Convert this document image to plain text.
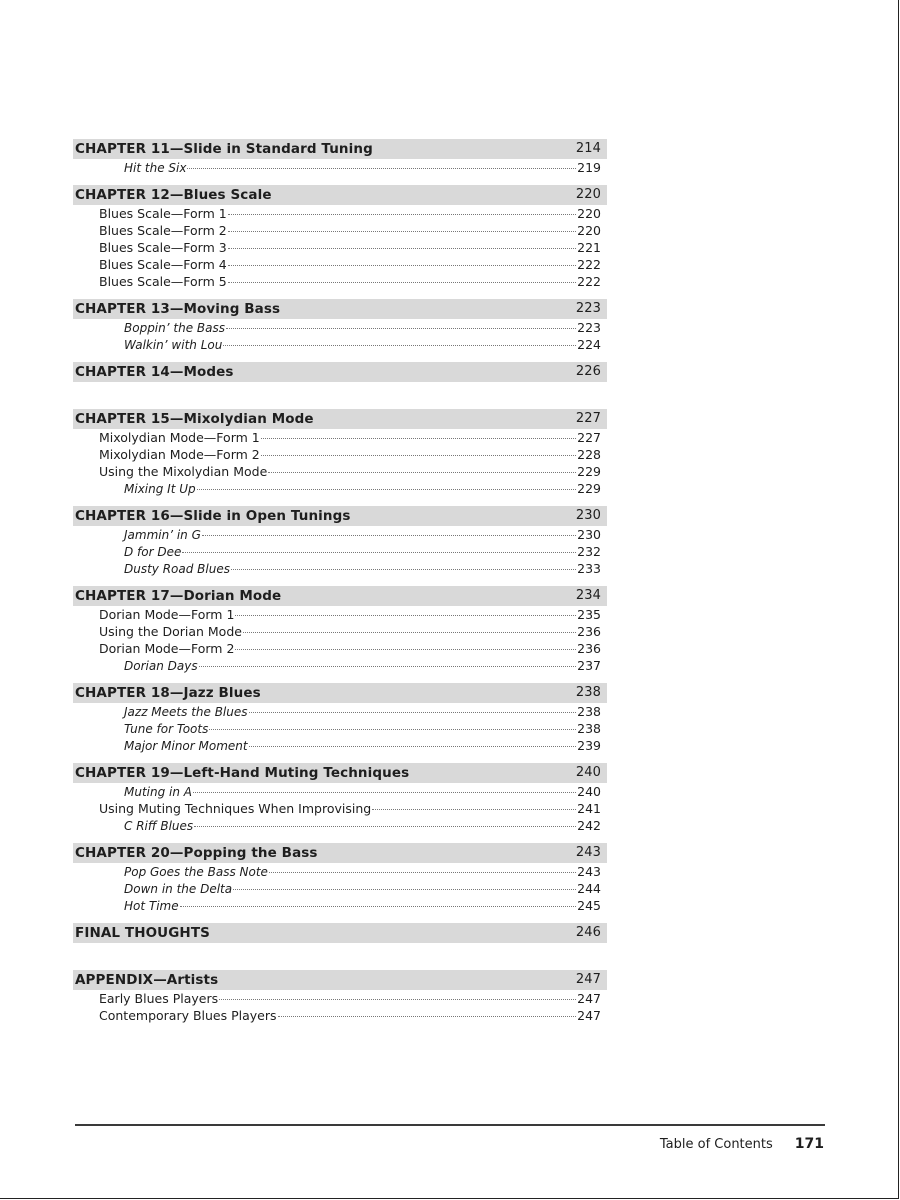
CHAPTER 11—Slide in Standard Tuning	214
Hit the Six	219
CHAPTER 12—Blues Scale	220
Blues Scale—Form 1	220
Blues Scale—Form 2	220
Blues Scale—Form 3	221
Blues Scale—Form 4	222
Blues Scale—Form 5	222
CHAPTER 13—Moving Bass	223
Boppin’ the Bass	223
Walkin’ with Lou	224
CHAPTER 14—Modes	226
CHAPTER 15—Mixolydian Mode	227
Mixolydian Mode—Form 1	227
Mixolydian Mode—Form 2	228
Using the Mixolydian Mode	229
Mixing It Up	229
CHAPTER 16—Slide in Open Tunings	230
Jammin’ in G	230
D for Dee	232
Dusty Road Blues	233
CHAPTER 17—Dorian Mode	234
Dorian Mode—Form 1	235
Using the Dorian Mode	236
Dorian Mode—Form 2	236
Dorian Days	237
CHAPTER 18—Jazz Blues	238
Jazz Meets the Blues	238
Tune for Toots	238
Major Minor Moment	239
CHAPTER 19—Left-Hand Muting Techniques	240
Muting in A	240
Using Muting Techniques When Improvising	241
C Riff Blues	242
CHAPTER 20—Popping the Bass	243
Pop Goes the Bass Note	243
Down in the Delta	244
Hot Time	245
FINAL THOUGHTS	246
APPENDIX—Artists	247
Early Blues Players	247
Contemporary Blues Players	247
Table of Contents 171
